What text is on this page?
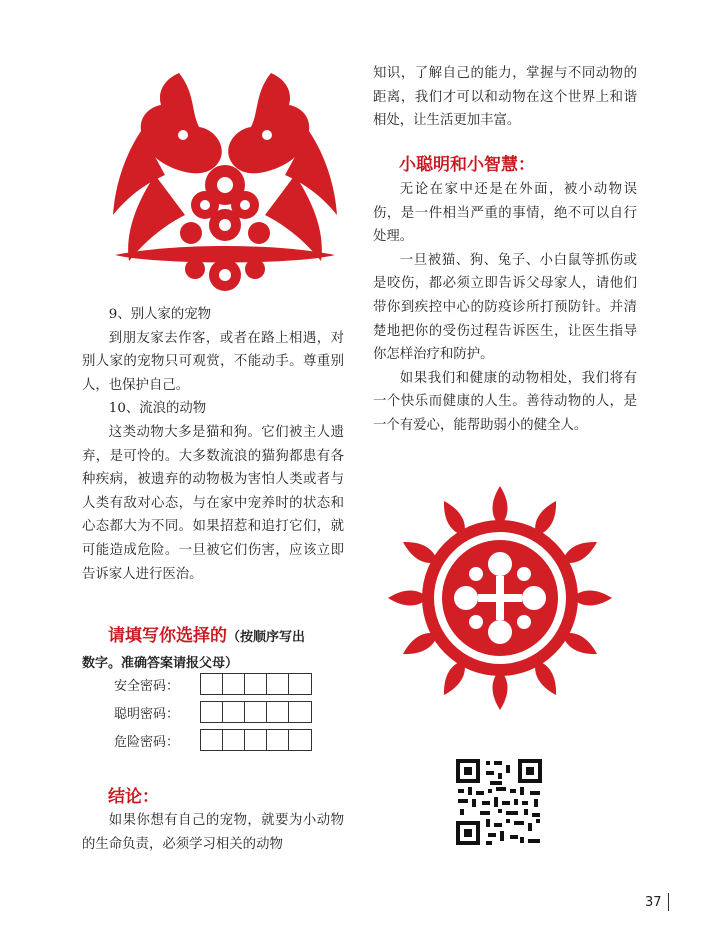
9、别人家的宠物

到朋友家去作客，或者在路上相遇，对别人家的宠物只可观赏，不能动手。尊重别人，也保护自己。

10、流浪的动物

这类动物大多是猫和狗。它们被主人遗弃，是可怜的。大多数流浪的猫狗都患有各种疾病，被遗弃的动物极为害怕人类或者与人类有敌对心态，与在家中宠养时的状态和心态都大为不同。如果招惹和追打它们，就可能造成危险。一旦被它们伤害，应该立即告诉家人进行医治。

请填写你选择的（按顺序写出
数字。准确答案请报父母）
安全密码：
聪明密码：
危险密码：
结论：

如果你想有自己的宠物，就要为小动物的生命负责，必须学习相关的动物

知识，了解自己的能力，掌握与不同动物的距离，我们才可以和动物在这个世界上和谐相处，让生活更加丰富。

小聪明和小智慧：

无论在家中还是在外面，被小动物误伤，是一件相当严重的事情，绝不可以自行处理。

一旦被猫、狗、兔子、小白鼠等抓伤或是咬伤，都必须立即告诉父母家人，请他们带你到疾控中心的防疫诊所打预防针。并清楚地把你的受伤过程告诉医生，让医生指导你怎样治疗和防护。

如果我们和健康的动物相处，我们将有一个快乐而健康的人生。善待动物的人，是一个有爱心，能帮助弱小的健全人。

37
